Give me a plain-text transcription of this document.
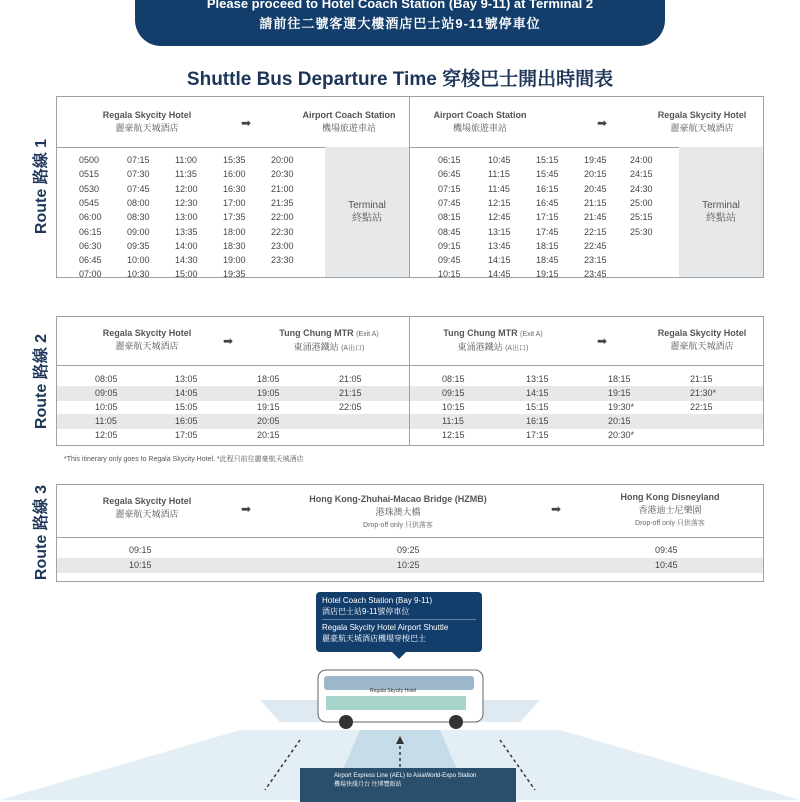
Please proceed to Hotel Coach Station (Bay 9-11) at Terminal 2
請前往二號客運大樓酒店巴士站9-11號停車位
Shuttle Bus Departure Time 穿梭巴士開出時間表
Route 路線 1
Regala Skycity Hotel
麗豪航天城酒店	➡
Airport Coach Station
機場旅遊車站
Airport Coach Station
機場旅遊車站	➡
Regala Skycity Hotel
麗豪航天城酒店
0500	07:15	11:00	15:35	20:00
0515	07:30	11:35	16:00	20:30
0530	07:45	12:00	16:30	21:00
0545	08:00	12:30	17:00	21:35
06:00	08:30	13:00	17:35	22:00
06:15	09:00	13:35	18:00	22:30
06:30	09:35	14:00	18:30	23:00
06:45	10:00	14:30	19:00	23:30
07:00	10:30	15:00	19:35
Terminal
終點站
06:15	10:45	15:15	19:45	24:00
06:45	11:15	15:45	20:15	24:15
07:15	11:45	16:15	20:45	24:30
07:45	12:15	16:45	21:15	25:00
08:15	12:45	17:15	21:45	25:15
08:45	13:15	17:45	22:15	25:30
09:15	13:45	18:15	22:45
09:45	14:15	18:45	23:15
10:15	14:45	19:15	23:45
Terminal
終點站
Route 路線 2
Regala Skycity Hotel
麗豪航天城酒店	➡
Tung Chung MTR (Exit A)
東涌港鐵站 (A出口)
Tung Chung MTR (Exit A)
東涌港鐵站 (A出口)
➡
Regala Skycity Hotel
麗豪航天城酒店
08:05	13:05	18:05	21:05
09:05	14:05	19:05	21:15
10:05	15:05	19:15	22:05
11:05	16:05	20:05
12:05	17:05	20:15
08:15	13:15	18:15	21:15
09:15	14:15	19:15	21:30*
10:15	15:15	19:30*	22:15
11:15	16:15	20:15
12:15	17:15	20:30*
*This itinerary only goes to Regala Skycity Hotel. *此程只前往麗豪航天城酒店
Route 路線 3	Regala Skycity Hotel
麗豪航天城酒店	➡
Hong Kong-Zhuhai-Macao Bridge (HZMB)
港珠澳大橋
Drop-off only 只供落客
➡
Hong Kong Disneyland
香港迪士尼樂園
Drop-off only 只供落客
09:15	09:25	09:45
10:15	10:25	10:45
Regala Skycity Hotel
Hotel Coach Station (Bay 9-11)
酒店巴士站9-11號停車位
Regala Skycity Hotel Airport Shuttle
麗豪航天城酒店機場穿梭巴士
Airport Express Line (AEL) to AsiaWorld-Expo Station
機場快綫月台 往博覽館站
